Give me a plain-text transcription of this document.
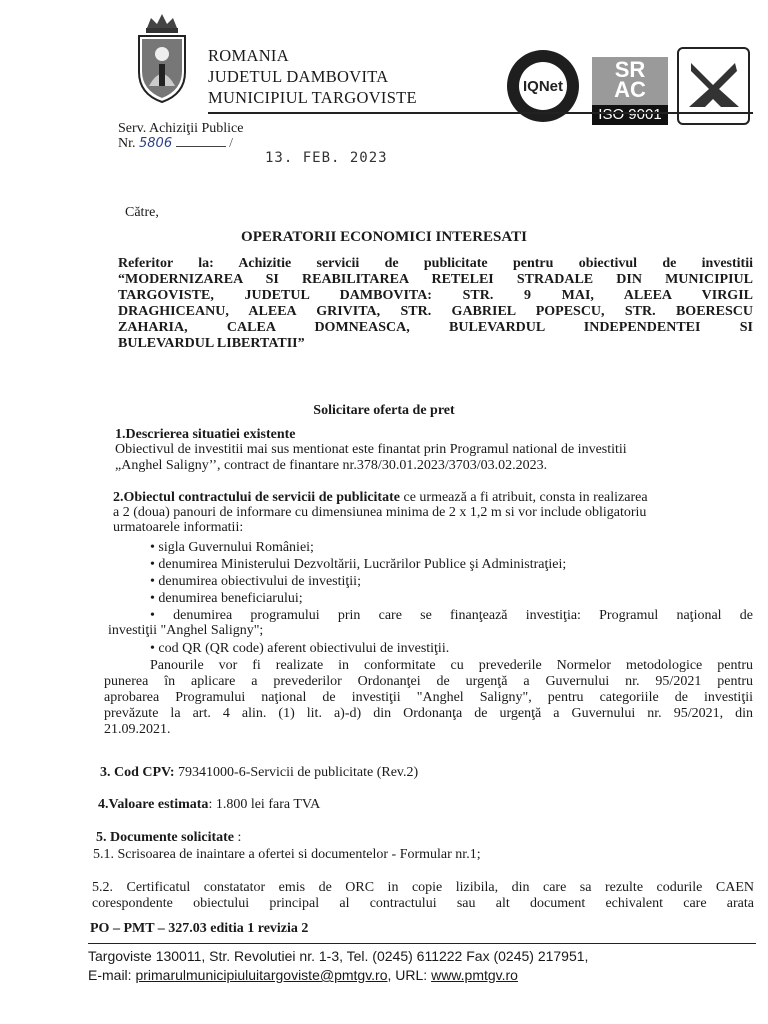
ROMANIA
JUDETUL DAMBOVITA
MUNICIPIUL TARGOVISTE
IQNet
SR
AC
ISO 9001
Serv. Achiziţii Publice
Nr. 5806	/
13. FEB. 2023
Către,
OPERATORII ECONOMICI INTERESATI
Referitor la: Achizitie servicii de publicitate pentru obiectivul de investitii
“MODERNIZAREA SI REABILITAREA RETELEI STRADALE DIN MUNICIPIUL
TARGOVISTE, JUDETUL DAMBOVITA: STR. 9 MAI, ALEEA VIRGIL
DRAGHICEANU, ALEEA GRIVITA, STR. GABRIEL POPESCU, STR. BOERESCU
ZAHARIA, CALEA DOMNEASCA, BULEVARDUL INDEPENDENTEI SI
BULEVARDUL LIBERTATII”
Solicitare oferta de pret
1.Descrierea situatiei existente
Obiectivul de investitii mai sus mentionat este finantat prin Programul national de investitii
„Anghel Saligny’’, contract de finantare nr.378/30.01.2023/3703/03.02.2023.
2.Obiectul contractului de servicii de publicitate ce urmează a fi atribuit, consta in realizarea
a 2 (doua) panouri de informare cu dimensiunea minima de 2 x 1,2 m si vor include obligatoriu
urmatoarele informatii:
• sigla Guvernului României;
• denumirea Ministerului Dezvoltării, Lucrărilor Publice şi Administraţiei;
• denumirea obiectivului de investiţii;
• denumirea beneficiarului;
• denumirea programului prin care se finanţează investiţia: Programul naţional de
investiţii "Anghel Saligny";
• cod QR (QR code) aferent obiectivului de investiţii.
Panourile vor fi realizate in conformitate cu prevederile Normelor metodologice pentru
punerea în aplicare a prevederilor Ordonanţei de urgenţă a Guvernului nr. 95/2021 pentru
aprobarea Programului naţional de investiţii "Anghel Saligny", pentru categoriile de investiţii
prevăzute la art. 4 alin. (1) lit. a)-d) din Ordonanţa de urgenţă a Guvernului nr. 95/2021, din
21.09.2021.
3. Cod CPV: 79341000-6-Servicii de publicitate (Rev.2)
4.Valoare estimata: 1.800 lei fara TVA
5. Documente solicitate :
5.1. Scrisoarea de inaintare a ofertei si documentelor - Formular nr.1;
5.2. Certificatul constatator emis de ORC in copie lizibila, din care sa rezulte codurile CAEN
corespondente obiectului principal al contractului sau alt document echivalent care arata
PO – PMT – 327.03 editia 1 revizia 2
Targoviste 130011, Str. Revolutiei nr. 1-3, Tel. (0245) 611222 Fax (0245) 217951,
E-mail: primarulmunicipiuluitargoviste@pmtgv.ro, URL: www.pmtgv.ro
